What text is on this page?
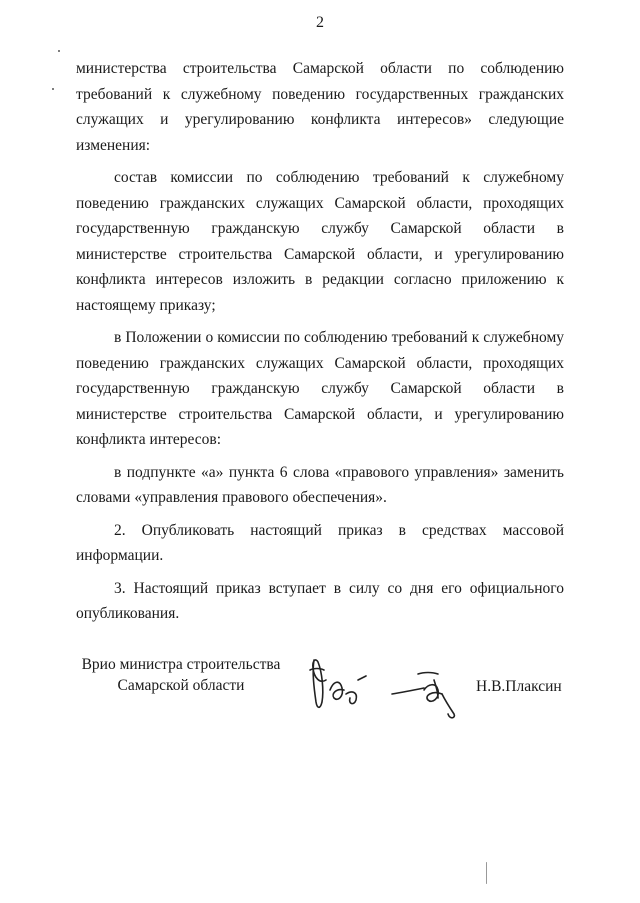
2

министерства строительства Самарской области по соблюдению требований к служебному поведению государственных гражданских служащих и урегулированию конфликта интересов» следующие изменения:

состав комиссии по соблюдению требований к служебному поведению гражданских служащих Самарской области, проходящих государственную гражданскую службу Самарской области в министерстве строительства Самарской области, и урегулированию конфликта интересов изложить в редакции согласно приложению к настоящему приказу;

в Положении о комиссии по соблюдению требований к служебному поведению гражданских служащих Самарской области, проходящих государственную гражданскую службу Самарской области в министерстве строительства Самарской области, и урегулированию конфликта интересов:

в подпункте «а» пункта 6 слова «правового управления» заменить словами «управления правового обеспечения».

2. Опубликовать настоящий приказ в средствах массовой информации.

3. Настоящий приказ вступает в силу со дня его официального опубликования.

Врио министра строительства
Самарской области	Н.В.Плаксин
